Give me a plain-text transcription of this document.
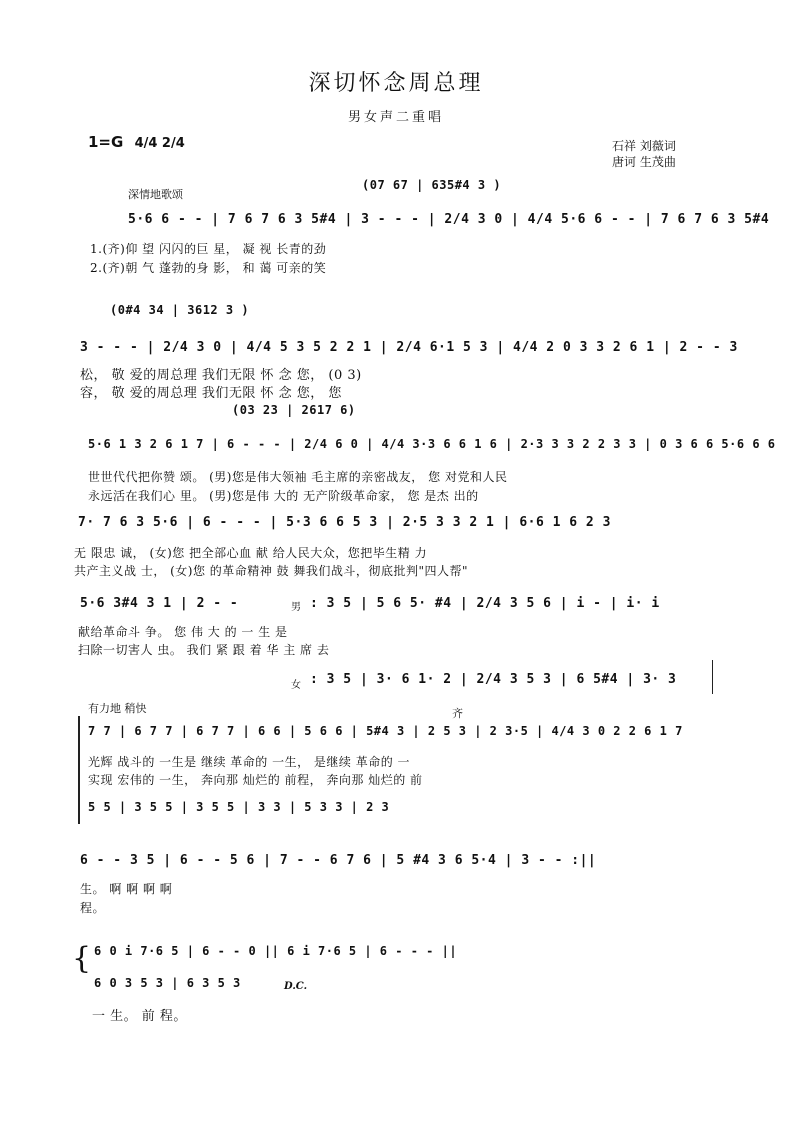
深切怀念周总理
男女声二重唱
1=G 4/4 2/4	石祥 刘薇词
唐诃 生茂曲
深情地歌颂
(07 67 | 635#4 3 )
5·6 6 - - | 7 6 7 6 3 5#4 | 3 - - - | 2/4 3 0 | 4/4 5·6 6 - - | 7 6 7 6 3 5#4
1.(齐)仰 望 闪闪的巨 星， 凝 视 长青的劲
2.(齐)朝 气 蓬勃的身 影， 和 蔼 可亲的笑
(0#4 34 | 3612 3 )
3 - - - | 2/4 3 0 | 4/4 5 3 5 2 2 1 | 2/4 6·1 5 3 | 4/4 2 0 3 3 2 6 1 | 2 - - 3
松， 敬 爱的周总理 我们无限 怀 念 您， (0 3)
容， 敬 爱的周总理 我们无限 怀 念 您， 您
(03 23 | 2617 6)
5·6 1 3 2 6 1 7 | 6 - - - | 2/4 6 0 | 4/4 3·3 6 6 1 6 | 2·3 3 3 2 2 3 3 | 0 3 6 6 5·6 6 6
世世代代把你赞 颂。 (男)您是伟大领袖 毛主席的亲密战友， 您 对党和人民
永远活在我们心 里。 (男)您是伟 大的 无产阶级革命家， 您 是杰 出的
7· 7 6 3 5·6 | 6 - - - | 5·3 6 6 5 3 | 2·5 3 3 2 1 | 6·6 1 6 2 3
无 限忠 诚， (女)您 把全部心血 献 给人民大众，您把毕生精 力
共产主义战 士， (女)您 的革命精神 鼓 舞我们战斗，彻底批判"四人帮"
5·6 3#4 3 1 | 2 - -	男 : 3 5 | 5 6 5· #4 | 2/4 3 5 6 | i - | i· i
献给革命斗 争。 您 伟 大 的 一 生 是
扫除一切害人 虫。 我们 紧 跟 着 华 主 席 去
女 : 3 5 | 3· 6 1· 2 | 2/4 3 5 3 | 6 5#4 | 3· 3
有力地 稍快	齐
7 7 | 6 7 7 | 6 7 7 | 6 6 | 5 6 6 | 5#4 3 | 2 5 3 | 2 3·5 | 4/4 3 0 2 2 6 1 7
光辉 战斗的 一生是 继续 革命的 一生， 是继续 革命的 一
实现 宏伟的 一生， 奔向那 灿烂的 前程， 奔向那 灿烂的 前
5 5 | 3 5 5 | 3 5 5 | 3 3 | 5 3 3 | 2 3
6 - - 3 5 | 6 - - 5 6 | 7 - - 6 7 6 | 5 #4 3 6 5·4 | 3 - - :||
生。 啊 啊 啊 啊
程。
{ 6 0 i 7·6 5 | 6 - - 0 || 6 i 7·6 5 | 6 - - - ||
6 0 3 5 3 | 6 3 5 3	D.C.
一 生。 前 程。
